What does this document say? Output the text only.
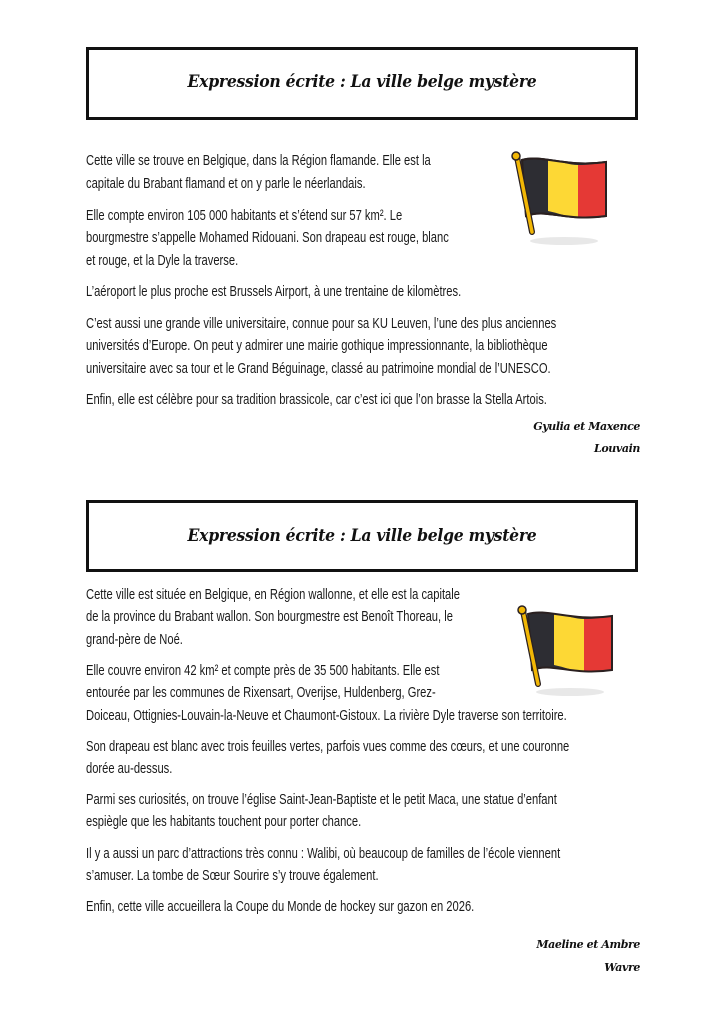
Expression écrite : La ville belge mystère
Cette ville se trouve en Belgique, dans la Région flamande. Elle est la
capitale du Brabant flamand et on y parle le néerlandais.
Elle compte environ 105 000 habitants et s’étend sur 57 km². Le
bourgmestre s’appelle Mohamed Ridouani. Son drapeau est rouge, blanc
et rouge, et la Dyle la traverse.
L’aéroport le plus proche est Brussels Airport, à une trentaine de kilomètres.
C’est aussi une grande ville universitaire, connue pour sa KU Leuven, l’une des plus anciennes
universités d’Europe. On peut y admirer une mairie gothique impressionnante, la bibliothèque
universitaire avec sa tour et le Grand Béguinage, classé au patrimoine mondial de l’UNESCO.
Enfin, elle est célèbre pour sa tradition brassicole, car c’est ici que l’on brasse la Stella Artois.
Gyulia et Maxence
Louvain
Expression écrite : La ville belge mystère
Cette ville est située en Belgique, en Région wallonne, et elle est la capitale
de la province du Brabant wallon. Son bourgmestre est Benoît Thoreau, le
grand-père de Noé.
Elle couvre environ 42 km² et compte près de 35 500 habitants. Elle est
entourée par les communes de Rixensart, Overijse, Huldenberg, Grez-
Doiceau, Ottignies-Louvain-la-Neuve et Chaumont-Gistoux. La rivière Dyle traverse son territoire.
Son drapeau est blanc avec trois feuilles vertes, parfois vues comme des cœurs, et une couronne
dorée au-dessus.
Parmi ses curiosités, on trouve l’église Saint-Jean-Baptiste et le petit Maca, une statue d’enfant
espiègle que les habitants touchent pour porter chance.
Il y a aussi un parc d’attractions très connu : Walibi, où beaucoup de familles de l’école viennent
s’amuser. La tombe de Sœur Sourire s’y trouve également.
Enfin, cette ville accueillera la Coupe du Monde de hockey sur gazon en 2026.
Maeline et Ambre
Wavre
